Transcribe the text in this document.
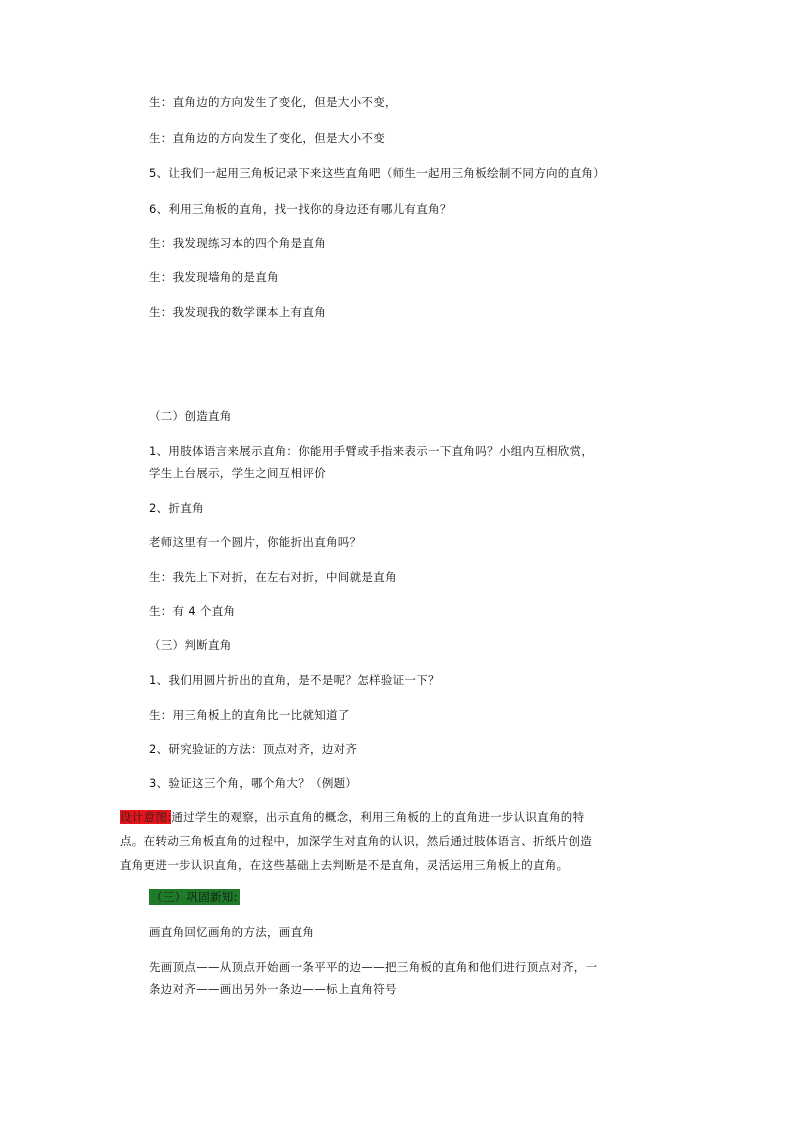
生：直角边的方向发生了变化，但是大小不变，
生：直角边的方向发生了变化，但是大小不变
5、让我们一起用三角板记录下来这些直角吧（师生一起用三角板绘制不同方向的直角）
6、利用三角板的直角，找一找你的身边还有哪儿有直角？
生：我发现练习本的四个角是直角
生：我发现墙角的是直角
生：我发现我的数学课本上有直角
（二）创造直角
1、用肢体语言来展示直角：你能用手臂或手指来表示一下直角吗？小组内互相欣赏，
学生上台展示，学生之间互相评价
2、折直角
老师这里有一个圆片，你能折出直角吗？
生：我先上下对折，在左右对折，中间就是直角
生：有 4 个直角
（三）判断直角
1、我们用圆片折出的直角，是不是呢？怎样验证一下？
生：用三角板上的直角比一比就知道了
2、研究验证的方法：顶点对齐，边对齐
3、验证这三个角，哪个角大？（例题）
设计意图:通过学生的观察，出示直角的概念，利用三角板的上的直角进一步认识直角的特
点。在转动三角板直角的过程中，加深学生对直角的认识，然后通过肢体语言、折纸片创造
直角更进一步认识直角，在这些基础上去判断是不是直角，灵活运用三角板上的直角。
（三）巩固新知:
画直角回忆画角的方法，画直角
先画顶点——从顶点开始画一条平平的边——把三角板的直角和他们进行顶点对齐，一
条边对齐——画出另外一条边——标上直角符号
